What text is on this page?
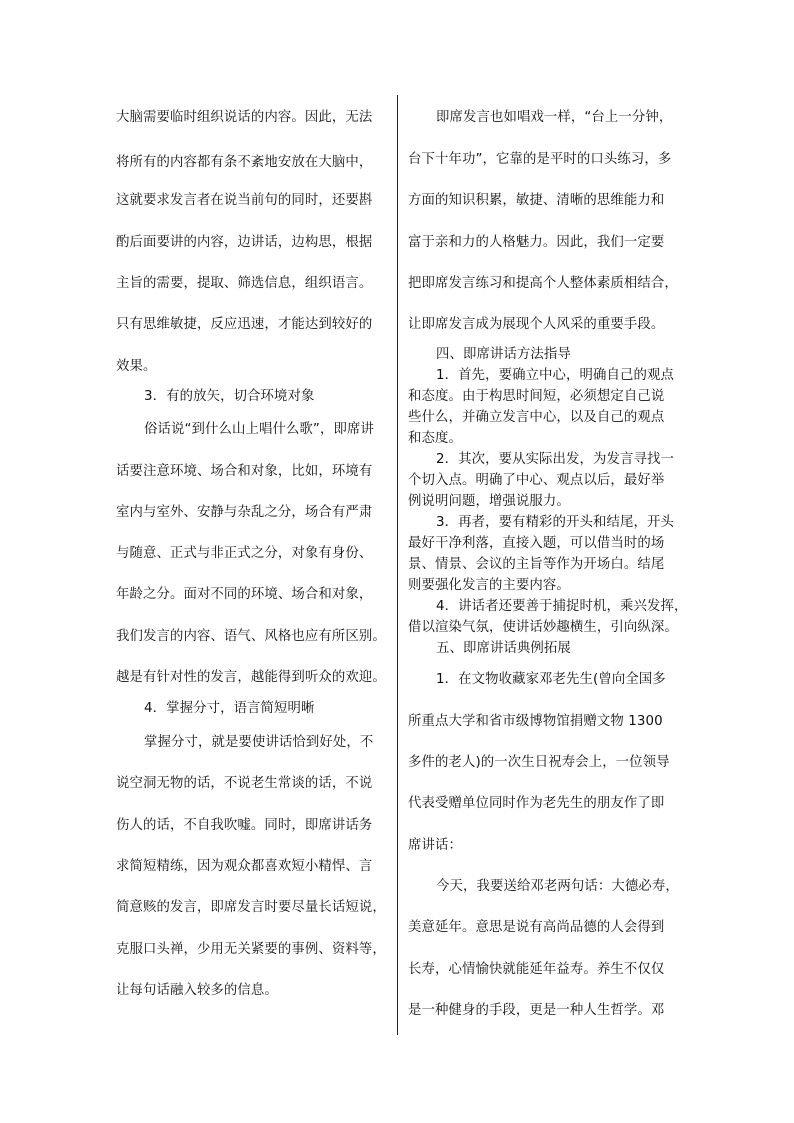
大脑需要临时组织说话的内容。因此，无法
将所有的内容都有条不紊地安放在大脑中，
这就要求发言者在说当前句的同时，还要斟
酌后面要讲的内容，边讲话，边构思，根据
主旨的需要，提取、筛选信息，组织语言。
只有思维敏捷，反应迅速，才能达到较好的
效果。
3．有的放矢，切合环境对象
俗话说“到什么山上唱什么歌”，即席讲
话要注意环境、场合和对象，比如，环境有
室内与室外、安静与杂乱之分，场合有严肃
与随意、正式与非正式之分，对象有身份、
年龄之分。面对不同的环境、场合和对象，
我们发言的内容、语气、风格也应有所区别。
越是有针对性的发言，越能得到听众的欢迎。
4．掌握分寸，语言简短明晰
掌握分寸，就是要使讲话恰到好处，不
说空洞无物的话，不说老生常谈的话，不说
伤人的话，不自我吹嘘。同时，即席讲话务
求简短精练，因为观众都喜欢短小精悍、言
简意赅的发言，即席发言时要尽量长话短说，
克服口头禅，少用无关紧要的事例、资料等，
让每句话融入较多的信息。
即席发言也如唱戏一样，“台上一分钟，
台下十年功”，它靠的是平时的口头练习，多
方面的知识积累，敏捷、清晰的思维能力和
富于亲和力的人格魅力。因此，我们一定要
把即席发言练习和提高个人整体素质相结合，
让即席发言成为展现个人风采的重要手段。
四、即席讲话方法指导
1．首先，要确立中心，明确自己的观点
和态度。由于构思时间短，必须想定自己说
些什么，并确立发言中心，以及自己的观点
和态度。
2．其次，要从实际出发，为发言寻找一
个切入点。明确了中心、观点以后，最好举
例说明问题，增强说服力。
3．再者，要有精彩的开头和结尾，开头
最好干净利落，直接入题，可以借当时的场
景、情景、会议的主旨等作为开场白。结尾
则要强化发言的主要内容。
4．讲话者还要善于捕捉时机，乘兴发挥，
借以渲染气氛，使讲话妙趣横生，引向纵深。
五、即席讲话典例拓展
1．在文物收藏家邓老先生(曾向全国多
所重点大学和省市级博物馆捐赠文物 1300
多件的老人)的一次生日祝寿会上，一位领导
代表受赠单位同时作为老先生的朋友作了即
席讲话：
今天，我要送给邓老两句话：大德必寿，
美意延年。意思是说有高尚品德的人会得到
长寿，心情愉快就能延年益寿。养生不仅仅
是一种健身的手段，更是一种人生哲学。邓
